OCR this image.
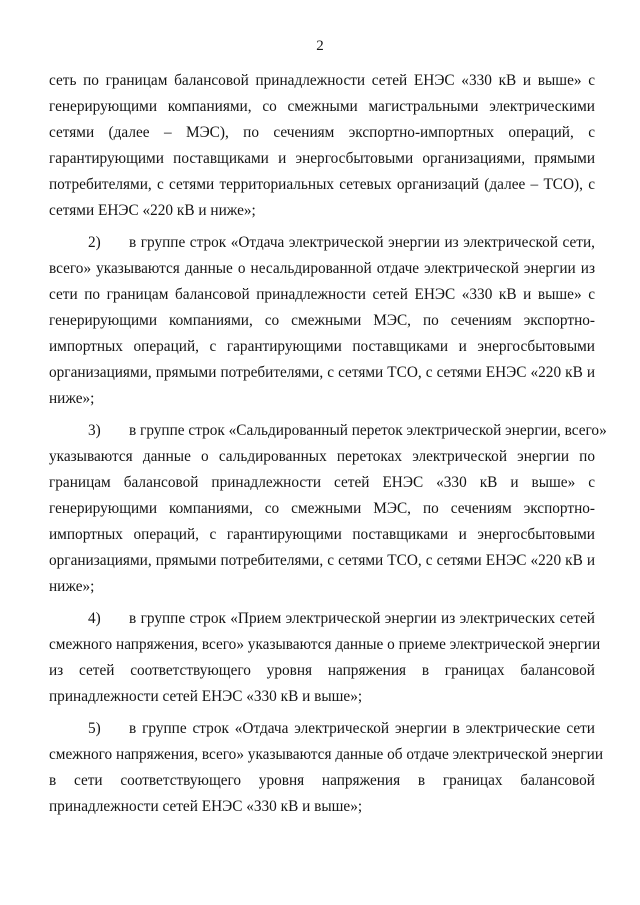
2
сеть по границам балансовой принадлежности сетей ЕНЭС «330 кВ и выше» с
генерирующими компаниями, со смежными магистральными электрическими
сетями (далее – МЭС), по сечениям экспортно-импортных операций, с
гарантирующими поставщиками и энергосбытовыми организациями, прямыми
потребителями, с сетями территориальных сетевых организаций (далее – ТСО), с
сетями ЕНЭС «220 кВ и ниже»;
2) в группе строк «Отдача электрической энергии из электрической сети,
всего» указываются данные о несальдированной отдаче электрической энергии из
сети по границам балансовой принадлежности сетей ЕНЭС «330 кВ и выше» с
генерирующими компаниями, со смежными МЭС, по сечениям экспортно-
импортных операций, с гарантирующими поставщиками и энергосбытовыми
организациями, прямыми потребителями, с сетями ТСО, с сетями ЕНЭС «220 кВ и
ниже»;
3) в группе строк «Сальдированный переток электрической энергии, всего»
указываются данные о сальдированных перетоках электрической энергии по
границам балансовой принадлежности сетей ЕНЭС «330 кВ и выше» с
генерирующими компаниями, со смежными МЭС, по сечениям экспортно-
импортных операций, с гарантирующими поставщиками и энергосбытовыми
организациями, прямыми потребителями, с сетями ТСО, с сетями ЕНЭС «220 кВ и
ниже»;
4) в группе строк «Прием электрической энергии из электрических сетей
смежного напряжения, всего» указываются данные о приеме электрической энергии
из сетей соответствующего уровня напряжения в границах балансовой
принадлежности сетей ЕНЭС «330 кВ и выше»;
5) в группе строк «Отдача электрической энергии в электрические сети
смежного напряжения, всего» указываются данные об отдаче электрической энергии
в сети соответствующего уровня напряжения в границах балансовой
принадлежности сетей ЕНЭС «330 кВ и выше»;
